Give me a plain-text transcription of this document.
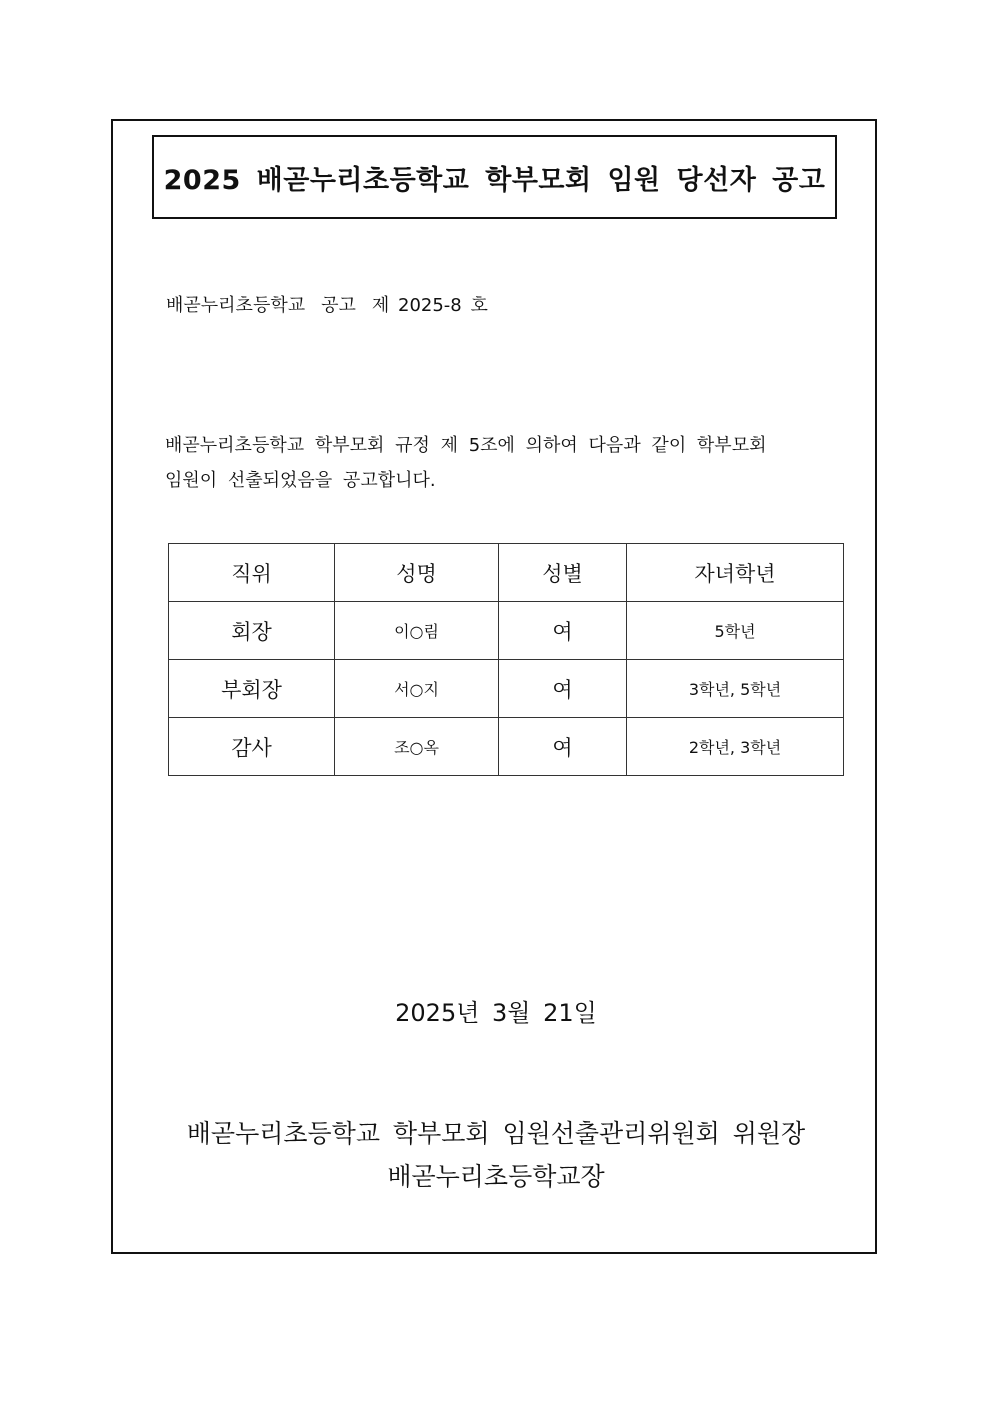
2025 배곧누리초등학교 학부모회 임원 당선자 공고
배곧누리초등학교 공고 제 2025-8 호
배곧누리초등학교 학부모회 규정 제 5조에 의하여 다음과 같이 학부모회
임원이 선출되었음을 공고합니다.
직위	성명	성별	자녀학년
회장	이○림	여	5학년
부회장	서○지	여	3학년, 5학년
감사	조○옥	여	2학년, 3학년
2025년 3월 21일
배곧누리초등학교 학부모회 임원선출관리위원회 위원장
배곧누리초등학교장
